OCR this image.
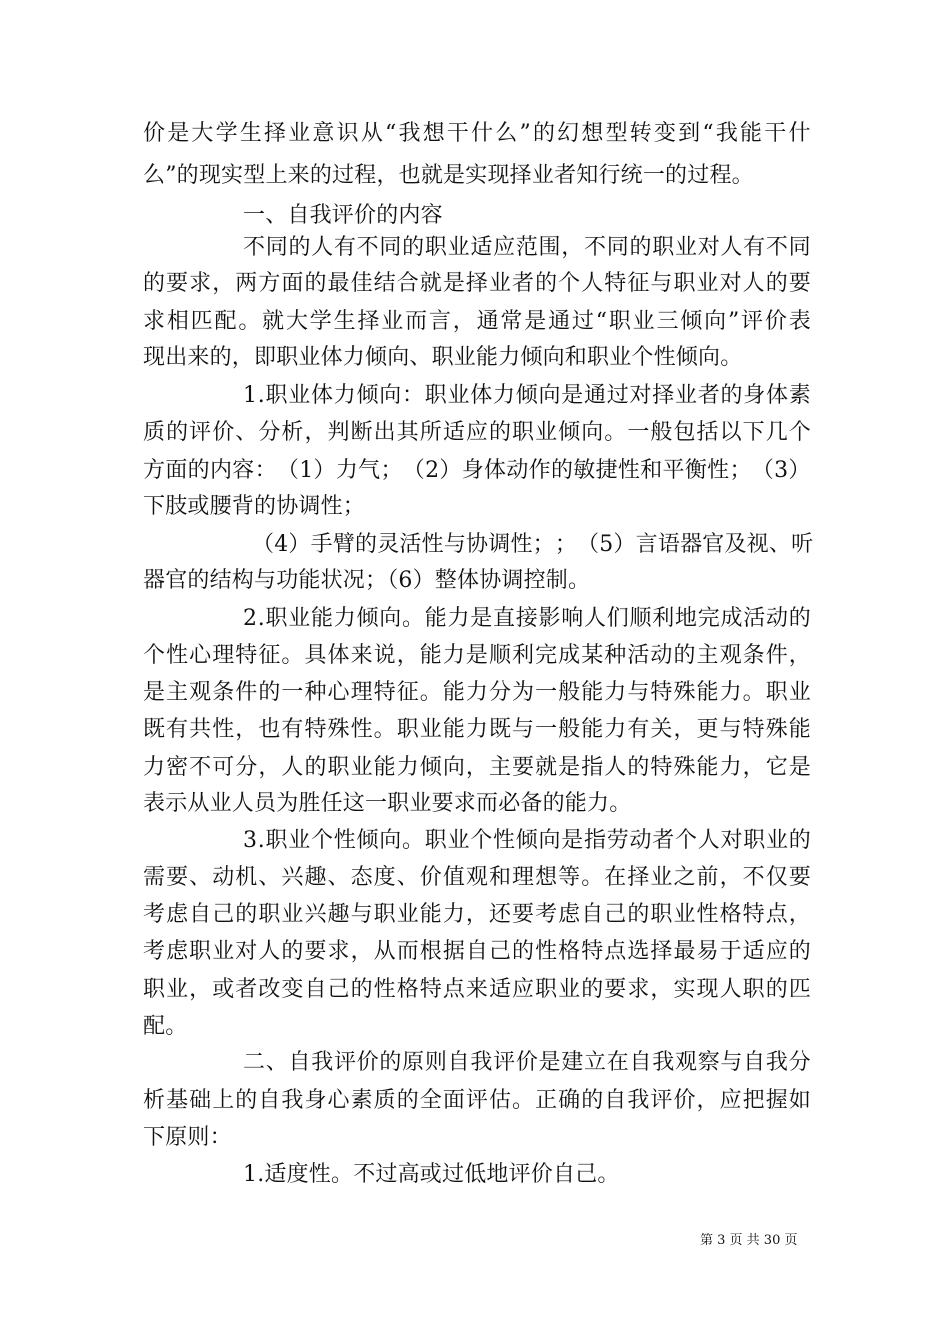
价 是 大 学 生 择 业 意 识 从 “ 我 想 干 什 么 ” 的 幻 想 型 转 变 到 “ 我 能 干 什
么”的现实型上来的过程，也就是实现择业者知行统一的过程。
一、自我评价的内容
不 同 的 人 有 不 同 的 职 业 适 应 范 围 ， 不 同 的 职 业 对 人 有 不 同
的 要 求 ， 两 方 面 的 最 佳 结 合 就 是 择 业 者 的 个 人 特 征 与 职 业 对 人 的 要
求 相 匹 配 。 就 大 学 生 择 业 而 言 ， 通 常 是 通 过 “ 职 业 三 倾 向 ” 评 价 表
现出来的，即职业体力倾向、职业能力倾向和职业个性倾向。
1 . 职 业 体 力 倾 向 ： 职 业 体 力 倾 向 是 通 过 对 择 业 者 的 身 体 素
质 的 评 价 、 分 析 ， 判 断 出 其 所 适 应 的 职 业 倾 向 。 一 般 包 括 以 下 几 个
方 面 的 内 容 ： （ 1 ） 力 气 ； （ 2 ） 身 体 动 作 的 敏 捷 性 和 平 衡 性 ； （ 3 ）
下肢或腰背的协调性；
（ 4 ） 手 臂 的 灵 活 性 与 协 调 性 ； ； （ 5 ） 言 语 器 官 及 视 、 听
器官的结构与功能状况；（6）整体协调控制。
2 . 职 业 能 力 倾 向 。 能 力 是 直 接 影 响 人 们 顺 利 地 完 成 活 动 的
个 性 心 理 特 征 。 具 体 来 说 ， 能 力 是 顺 利 完 成 某 种 活 动 的 主 观 条 件 ，
是 主 观 条 件 的 一 种 心 理 特 征 。 能 力 分 为 一 般 能 力 与 特 殊 能 力 。 职 业
既 有 共 性 ， 也 有 特 殊 性 。 职 业 能 力 既 与 一 般 能 力 有 关 ， 更 与 特 殊 能
力 密 不 可 分 ， 人 的 职 业 能 力 倾 向 ， 主 要 就 是 指 人 的 特 殊 能 力 ， 它 是
表示从业人员为胜任这一职业要求而必备的能力。
3 . 职 业 个 性 倾 向 。 职 业 个 性 倾 向 是 指 劳 动 者 个 人 对 职 业 的
需 要 、 动 机 、 兴 趣 、 态 度 、 价 值 观 和 理 想 等 。 在 择 业 之 前 ， 不 仅 要
考 虑 自 己 的 职 业 兴 趣 与 职 业 能 力 ， 还 要 考 虑 自 己 的 职 业 性 格 特 点 ，
考 虑 职 业 对 人 的 要 求 ， 从 而 根 据 自 己 的 性 格 特 点 选 择 最 易 于 适 应 的
职 业 ， 或 者 改 变 自 己 的 性 格 特 点 来 适 应 职 业 的 要 求 ， 实 现 人 职 的 匹
配。
二 、 自 我 评 价 的 原 则 自 我 评 价 是 建 立 在 自 我 观 察 与 自 我 分
析 基 础 上 的 自 我 身 心 素 质 的 全 面 评 估 。 正 确 的 自 我 评 价 ， 应 把 握 如
下原则：
1.适度性。不过高或过低地评价自己。
第 3 页 共 30 页
